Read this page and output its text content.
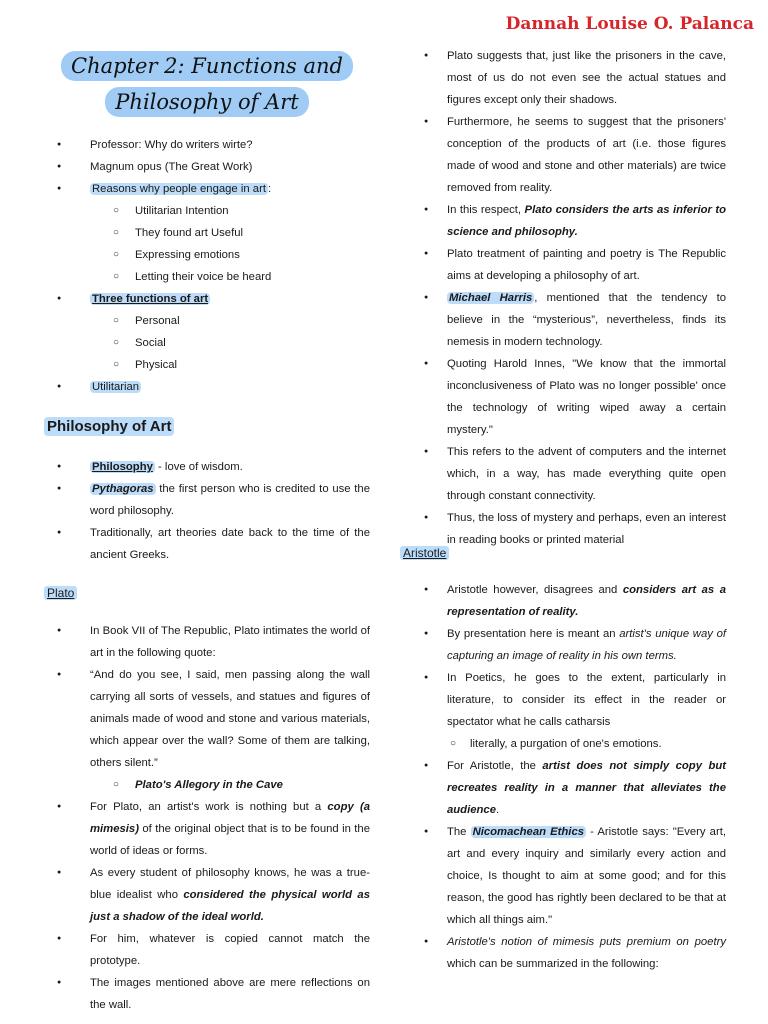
Dannah Louise O. Palanca
Chapter 2: Functions and
Philosophy of Art
● Professor: Why do writers wirte?
● Magnum opus (The Great Work)
● Reasons why people engage in art :
○ Utilitarian Intention
○ They found art Useful
○ Expressing emotions
○ Letting their voice be heard
● Three functions of art
○ Personal
○ Social
○ Physical
● Utilitarian
Philosophy of Art
● Philosophy - love of wisdom.
● Pythagoras the first person who is credited to use the word philosophy.
● Traditionally, art theories date back to the time of the ancient Greeks.
Plato
● In Book VII of The Republic, Plato intimates the world of art in the following quote:
● “And do you see, I said, men passing along the wall carrying all sorts of vessels, and statues and figures of animals made of wood and stone and various materials, which appear over the wall? Some of them are talking, others silent.”
○ Plato's Allegory in the Cave
● For Plato, an artist's work is nothing but a copy (a mimesis) of the original object that is to be found in the world of ideas or forms.
● As every student of philosophy knows, he was a true-blue idealist who considered the physical world as just a shadow of the ideal world.
● For him, whatever is copied cannot match the prototype.
● The images mentioned above are mere reflections on the wall.
● Plato suggests that, just like the prisoners in the cave, most of us do not even see the actual statues and figures except only their shadows.
● Furthermore, he seems to suggest that the prisoners' conception of the products of art (i.e. those figures made of wood and stone and other materials) are twice removed from reality.
● In this respect, Plato considers the arts as inferior to science and philosophy.
● Plato treatment of painting and poetry is The Republic aims at developing a philosophy of art.
● Michael Harris , mentioned that the tendency to believe in the “mysterious”, nevertheless, finds its nemesis in modern technology.
● Quoting Harold Innes, "We know that the immortal inconclusiveness of Plato was no longer possible' once the technology of writing wiped away a certain mystery."
● This refers to the advent of computers and the internet which, in a way, has made everything quite open through constant connectivity.
● Thus, the loss of mystery and perhaps, even an interest in reading books or printed material
Aristotle
● Aristotle however, disagrees and considers art as a representation of reality.
● By presentation here is meant an artist's unique way of capturing an image of reality in his own terms.
● In Poetics, he goes to the extent, particularly in literature, to consider its effect in the reader or spectator what he calls catharsis
○ literally, a purgation of one's emotions.
● For Aristotle, the artist does not simply copy but recreates reality in a manner that alleviates the audience.
● The Nicomachean Ethics - Aristotle says: "Every art, art and every inquiry and similarly every action and choice, Is thought to aim at some good; and for this reason, the good has rightly been declared to be that at which all things aim."
● Aristotle's notion of mimesis puts premium on poetry which can be summarized in the following:
